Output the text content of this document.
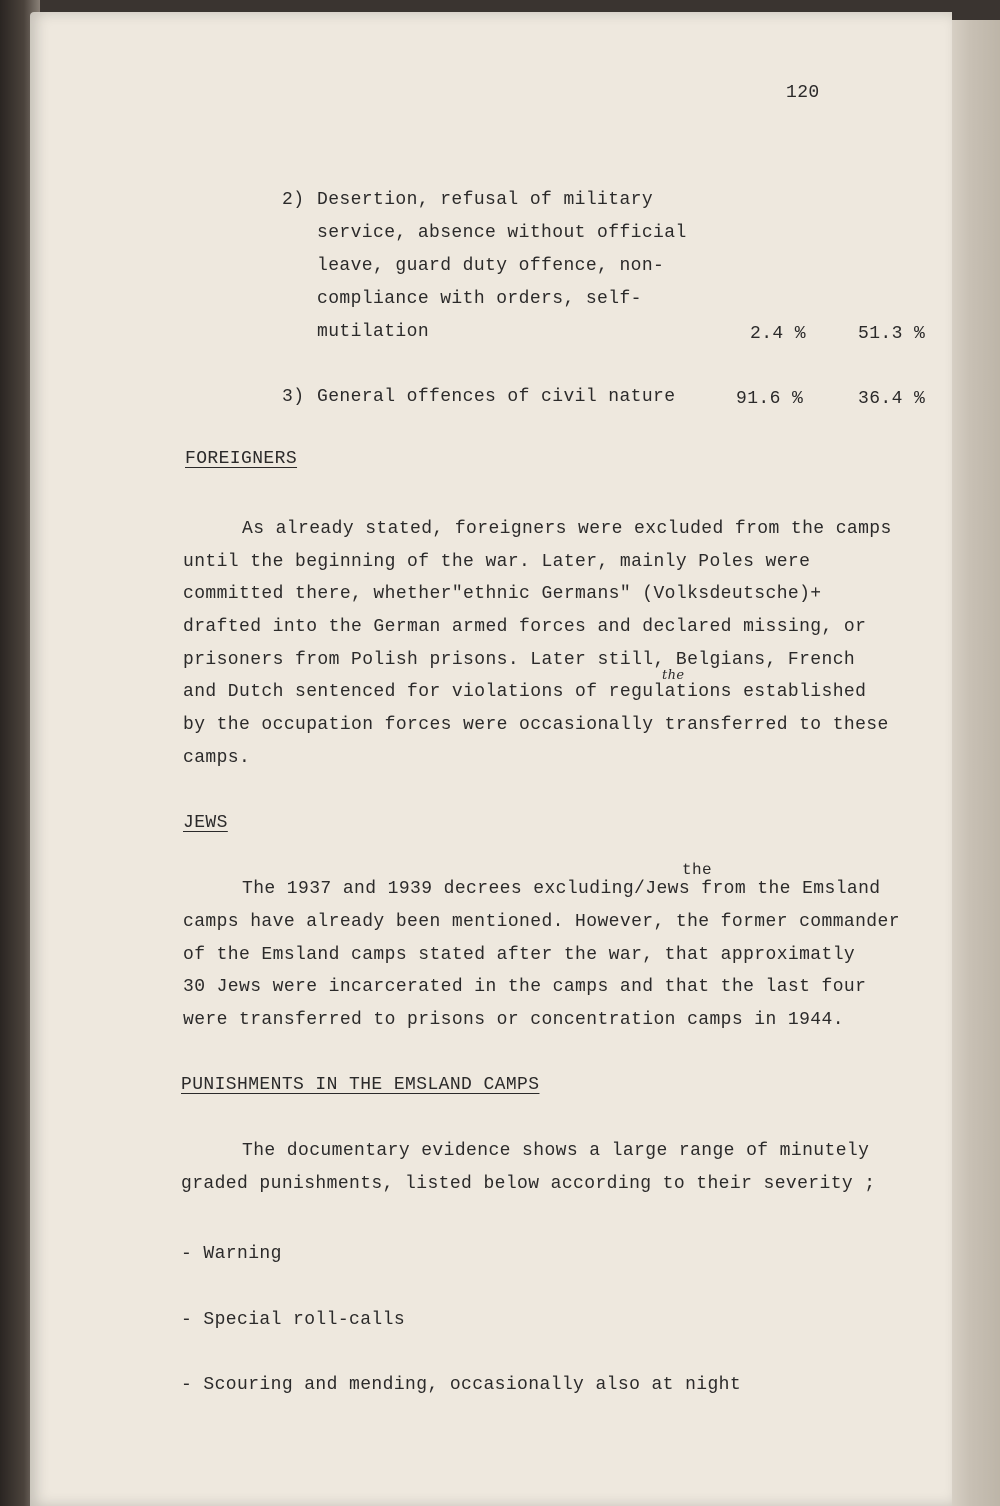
120
2) Desertion, refusal of military
service, absence without official
leave, guard duty offence, non-
compliance with orders, self-
mutilation	2.4 %	51.3 %
3) General offences of civil nature	91.6 %	36.4 %
FOREIGNERS
As already stated, foreigners were excluded from the camps
until the beginning of the war. Later, mainly Poles were
committed there, whether"ethnic Germans" (Volksdeutsche)+
drafted into the German armed forces and declared missing, or
prisoners from Polish prisons. Later still, Belgians, French
the
and Dutch sentenced for violations of regulations established
by the occupation forces were occasionally transferred to these
camps.
JEWS
the
The 1937 and 1939 decrees excluding/Jews from the Emsland
camps have already been mentioned. However, the former commander
of the Emsland camps stated after the war, that approximatly
30 Jews were incarcerated in the camps and that the last four
were transferred to prisons or concentration camps in 1944.
PUNISHMENTS IN THE EMSLAND CAMPS
The documentary evidence shows a large range of minutely
graded punishments, listed below according to their severity ;
- Warning
- Special roll-calls
- Scouring and mending, occasionally also at night
